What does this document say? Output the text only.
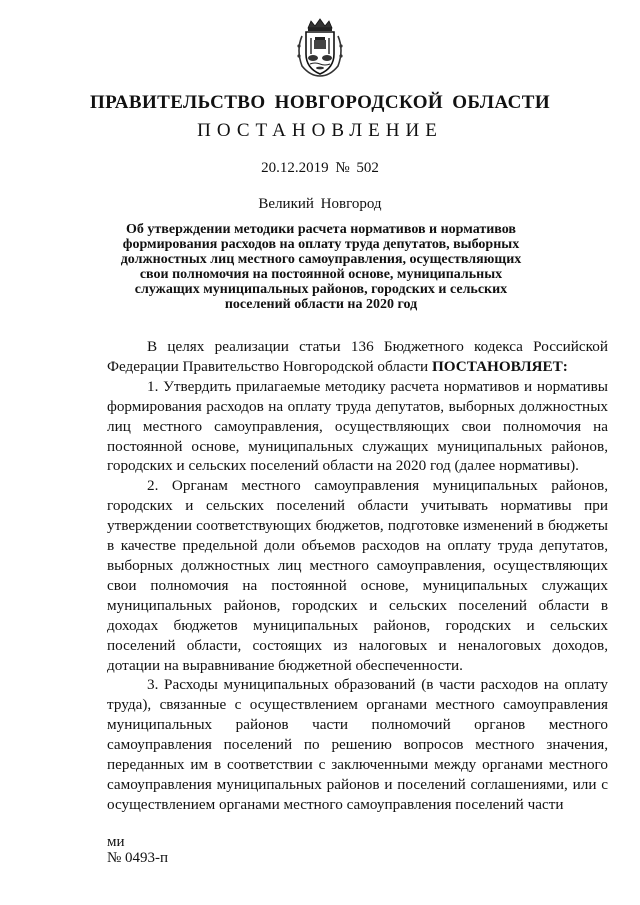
ПРАВИТЕЛЬСТВО НОВГОРОДСКОЙ ОБЛАСТИ
ПОСТАНОВЛЕНИЕ
20.12.2019 № 502
Великий Новгород
Об утверждении методики расчета нормативов и нормативов формирования расходов на оплату труда депутатов, выборных должностных лиц местного самоуправления, осуществляющих свои полномочия на постоянной основе, муниципальных служащих муниципальных районов, городских и сельских поселений области на 2020 год

В целях реализации статьи 136 Бюджетного кодекса Российской Федерации Правительство Новгородской области ПОСТАНОВЛЯЕТ:

1. Утвердить прилагаемые методику расчета нормативов и нормативы формирования расходов на оплату труда депутатов, выборных должностных лиц местного самоуправления, осуществляющих свои полномочия на постоянной основе, муниципальных служащих муниципальных районов, городских и сельских поселений области на 2020 год (далее нормативы).

2. Органам местного самоуправления муниципальных районов, городских и сельских поселений области учитывать нормативы при утверждении соответствующих бюджетов, подготовке изменений в бюджеты в качестве предельной доли объемов расходов на оплату труда депутатов, выборных должностных лиц местного самоуправления, осуществляющих свои полномочия на постоянной основе, муниципальных служащих муниципальных районов, городских и сельских поселений области в доходах бюджетов муниципальных районов, городских и сельских поселений области, состоящих из налоговых и неналоговых доходов, дотации на выравнивание бюджетной обеспеченности.

3. Расходы муниципальных образований (в части расходов на оплату труда), связанные с осуществлением органами местного самоуправления муниципальных районов части полномочий органов местного самоуправления поселений по решению вопросов местного значения, переданных им в соответствии с заключенными между органами местного самоуправления муниципальных районов и поселений соглашениями, или с осуществлением органами местного самоуправления поселений части

ми
№ 0493-п
